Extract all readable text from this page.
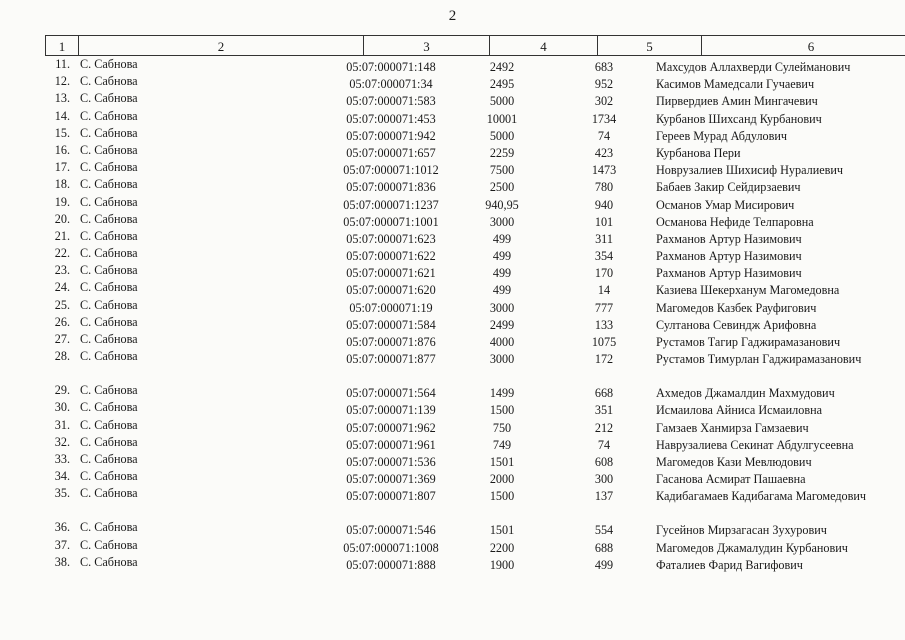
2
1	2	3	4	5	6
11. С. Сабнова	05:07:000071:148	2492	683	Махсудов Аллахверди Сулейманович
12. С. Сабнова	05:07:000071:34	2495	952	Касимов Мамедсали Гучаевич
13. С. Сабнова	05:07:000071:583	5000	302	Пирвердиев Амин Мингачевич
14. С. Сабнова	05:07:000071:453	10001	1734	Курбанов Шихсанд Курбанович
15. С. Сабнова	05:07:000071:942	5000	74	Гереев Мурад Абдулович
16. С. Сабнова	05:07:000071:657	2259	423	Курбанова Пери
17. С. Сабнова	05:07:000071:1012	7500	1473	Новрузалиев Шихисиф Нуралиевич
18. С. Сабнова	05:07:000071:836	2500	780	Бабаев Закир Сейдирзаевич
19. С. Сабнова	05:07:000071:1237	940,95	940	Османов Умар Мисирович
20. С. Сабнова	05:07:000071:1001	3000	101	Османова Нефиде Телпаровна
21. С. Сабнова	05:07:000071:623	499	311	Рахманов Артур Назимович
22. С. Сабнова	05:07:000071:622	499	354	Рахманов Артур Назимович
23. С. Сабнова	05:07:000071:621	499	170	Рахманов Артур Назимович
24. С. Сабнова	05:07:000071:620	499	14	Казиева Шекерханум Магомедовна
25. С. Сабнова	05:07:000071:19	3000	777	Магомедов Казбек Рауфигович
26. С. Сабнова	05:07:000071:584	2499	133	Султанова Севиндж Арифовна
27. С. Сабнова	05:07:000071:876	4000	1075	Рустамов Тагир Гаджирамазанович
28. С. Сабнова	05:07:000071:877	3000	172	Рустамов Тимурлан Гаджирамазанович
29. С. Сабнова	05:07:000071:564	1499	668	Ахмедов Джамалдин Махмудович
30. С. Сабнова	05:07:000071:139	1500	351	Исмаилова Айниса Исмаиловна
31. С. Сабнова	05:07:000071:962	750	212	Гамзаев Ханмирза Гамзаевич
32. С. Сабнова	05:07:000071:961	749	74	Наврузалиева Секинат Абдулгусеевна
33. С. Сабнова	05:07:000071:536	1501	608	Магомедов Кази Мевлюдович
34. С. Сабнова	05:07:000071:369	2000	300	Гасанова Асмират Пашаевна
35. С. Сабнова	05:07:000071:807	1500	137	Кадибагамаев Кадибагама Магомедович
36. С. Сабнова	05:07:000071:546	1501	554	Гусейнов Мирзагасан Зухурович
37. С. Сабнова	05:07:000071:1008	2200	688	Магомедов Джамалудин Курбанович
38. С. Сабнова	05:07:000071:888	1900	499	Фаталиев Фарид Вагифович
